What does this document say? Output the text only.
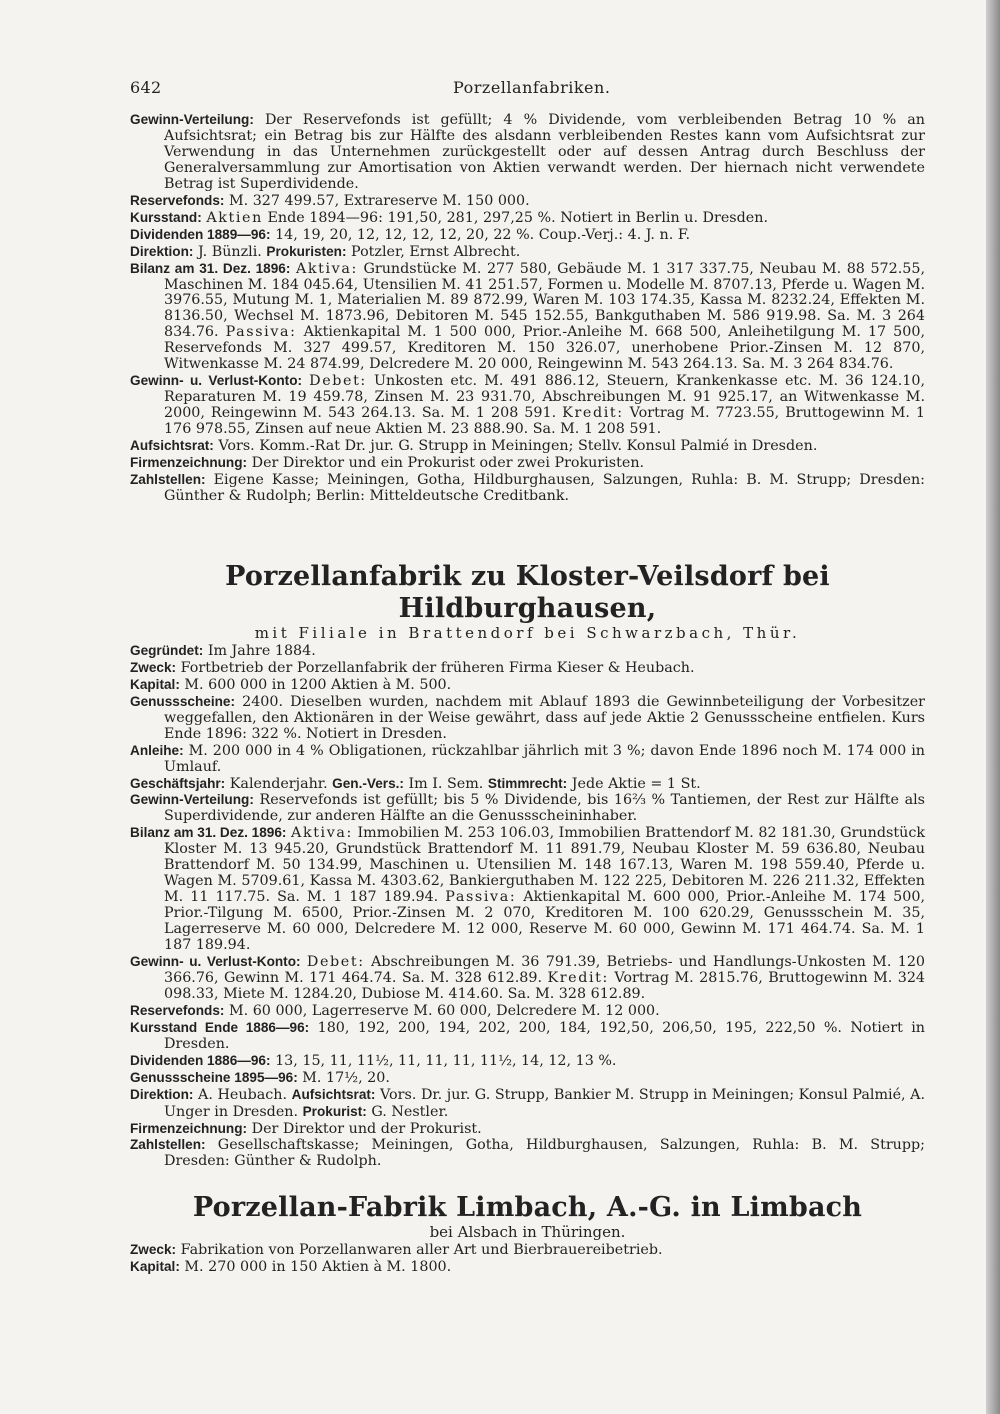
642	Porzellanfabriken.

Gewinn-Verteilung: Der Reservefonds ist gefüllt; 4 % Dividende, vom verbleibenden Betrag 10 % an Aufsichtsrat; ein Betrag bis zur Hälfte des alsdann verbleibenden Restes kann vom Aufsichtsrat zur Verwendung in das Unternehmen zurückgestellt oder auf dessen Antrag durch Beschluss der Generalversammlung zur Amortisation von Aktien verwandt werden. Der hiernach nicht verwendete Betrag ist Superdividende.

Reservefonds: M. 327 499.57, Extrareserve M. 150 000.

Kursstand: Aktien Ende 1894—96: 191,50, 281, 297,25 %. Notiert in Berlin u. Dresden.

Dividenden 1889—96: 14, 19, 20, 12, 12, 12, 12, 20, 22 %. Coup.-Verj.: 4. J. n. F.

Direktion: J. Bünzli. Prokuristen: Potzler, Ernst Albrecht.

Bilanz am 31. Dez. 1896: Aktiva: Grundstücke M. 277 580, Gebäude M. 1 317 337.75, Neubau M. 88 572.55, Maschinen M. 184 045.64, Utensilien M. 41 251.57, Formen u. Modelle M. 8707.13, Pferde u. Wagen M. 3976.55, Mutung M. 1, Materialien M. 89 872.99, Waren M. 103 174.35, Kassa M. 8232.24, Effekten M. 8136.50, Wechsel M. 1873.96, Debitoren M. 545 152.55, Bankguthaben M. 586 919.98. Sa. M. 3 264 834.76. Passiva: Aktienkapital M. 1 500 000, Prior.-Anleihe M. 668 500, Anleihetilgung M. 17 500, Reservefonds M. 327 499.57, Kreditoren M. 150 326.07, unerhobene Prior.-Zinsen M. 12 870, Witwenkasse M. 24 874.99, Delcredere M. 20 000, Reingewinn M. 543 264.13. Sa. M. 3 264 834.76.

Gewinn- u. Verlust-Konto: Debet: Unkosten etc. M. 491 886.12, Steuern, Krankenkasse etc. M. 36 124.10, Reparaturen M. 19 459.78, Zinsen M. 23 931.70, Abschreibungen M. 91 925.17, an Witwenkasse M. 2000, Reingewinn M. 543 264.13. Sa. M. 1 208 591. Kredit: Vortrag M. 7723.55, Bruttogewinn M. 1 176 978.55, Zinsen auf neue Aktien M. 23 888.90. Sa. M. 1 208 591.

Aufsichtsrat: Vors. Komm.-Rat Dr. jur. G. Strupp in Meiningen; Stellv. Konsul Palmié in Dresden.

Firmenzeichnung: Der Direktor und ein Prokurist oder zwei Prokuristen.

Zahlstellen: Eigene Kasse; Meiningen, Gotha, Hildburghausen, Salzungen, Ruhla: B. M. Strupp; Dresden: Günther & Rudolph; Berlin: Mitteldeutsche Creditbank.

Porzellanfabrik zu Kloster-Veilsdorf bei Hildburghausen,
mit Filiale in Brattendorf bei Schwarzbach, Thür.

Gegründet: Im Jahre 1884.

Zweck: Fortbetrieb der Porzellanfabrik der früheren Firma Kieser & Heubach.

Kapital: M. 600 000 in 1200 Aktien à M. 500.

Genussscheine: 2400. Dieselben wurden, nachdem mit Ablauf 1893 die Gewinnbeteiligung der Vorbesitzer weggefallen, den Aktionären in der Weise gewährt, dass auf jede Aktie 2 Genussscheine entfielen. Kurs Ende 1896: 322 %. Notiert in Dresden.

Anleihe: M. 200 000 in 4 % Obligationen, rückzahlbar jährlich mit 3 %; davon Ende 1896 noch M. 174 000 in Umlauf.

Geschäftsjahr: Kalenderjahr. Gen.-Vers.: Im I. Sem. Stimmrecht: Jede Aktie = 1 St.

Gewinn-Verteilung: Reservefonds ist gefüllt; bis 5 % Dividende, bis 16⅔ % Tantiemen, der Rest zur Hälfte als Superdividende, zur anderen Hälfte an die Genussscheininhaber.

Bilanz am 31. Dez. 1896: Aktiva: Immobilien M. 253 106.03, Immobilien Brattendorf M. 82 181.30, Grundstück Kloster M. 13 945.20, Grundstück Brattendorf M. 11 891.79, Neubau Kloster M. 59 636.80, Neubau Brattendorf M. 50 134.99, Maschinen u. Utensilien M. 148 167.13, Waren M. 198 559.40, Pferde u. Wagen M. 5709.61, Kassa M. 4303.62, Bankierguthaben M. 122 225, Debitoren M. 226 211.32, Effekten M. 11 117.75. Sa. M. 1 187 189.94. Passiva: Aktienkapital M. 600 000, Prior.-Anleihe M. 174 500, Prior.-Tilgung M. 6500, Prior.-Zinsen M. 2 070, Kreditoren M. 100 620.29, Genussschein M. 35, Lagerreserve M. 60 000, Delcredere M. 12 000, Reserve M. 60 000, Gewinn M. 171 464.74. Sa. M. 1 187 189.94.

Gewinn- u. Verlust-Konto: Debet: Abschreibungen M. 36 791.39, Betriebs- und Handlungs-Unkosten M. 120 366.76, Gewinn M. 171 464.74. Sa. M. 328 612.89. Kredit: Vortrag M. 2815.76, Bruttogewinn M. 324 098.33, Miete M. 1284.20, Dubiose M. 414.60. Sa. M. 328 612.89.

Reservefonds: M. 60 000, Lagerreserve M. 60 000, Delcredere M. 12 000.

Kursstand Ende 1886—96: 180, 192, 200, 194, 202, 200, 184, 192,50, 206,50, 195, 222,50 %. Notiert in Dresden.

Dividenden 1886—96: 13, 15, 11, 11½, 11, 11, 11, 11½, 14, 12, 13 %.

Genussscheine 1895—96: M. 17½, 20.

Direktion: A. Heubach. Aufsichtsrat: Vors. Dr. jur. G. Strupp, Bankier M. Strupp in Meiningen; Konsul Palmié, A. Unger in Dresden. Prokurist: G. Nestler.

Firmenzeichnung: Der Direktor und der Prokurist.

Zahlstellen: Gesellschaftskasse; Meiningen, Gotha, Hildburghausen, Salzungen, Ruhla: B. M. Strupp; Dresden: Günther & Rudolph.

Porzellan-Fabrik Limbach, A.-G. in Limbach
bei Alsbach in Thüringen.

Zweck: Fabrikation von Porzellanwaren aller Art und Bierbrauereibetrieb.

Kapital: M. 270 000 in 150 Aktien à M. 1800.
